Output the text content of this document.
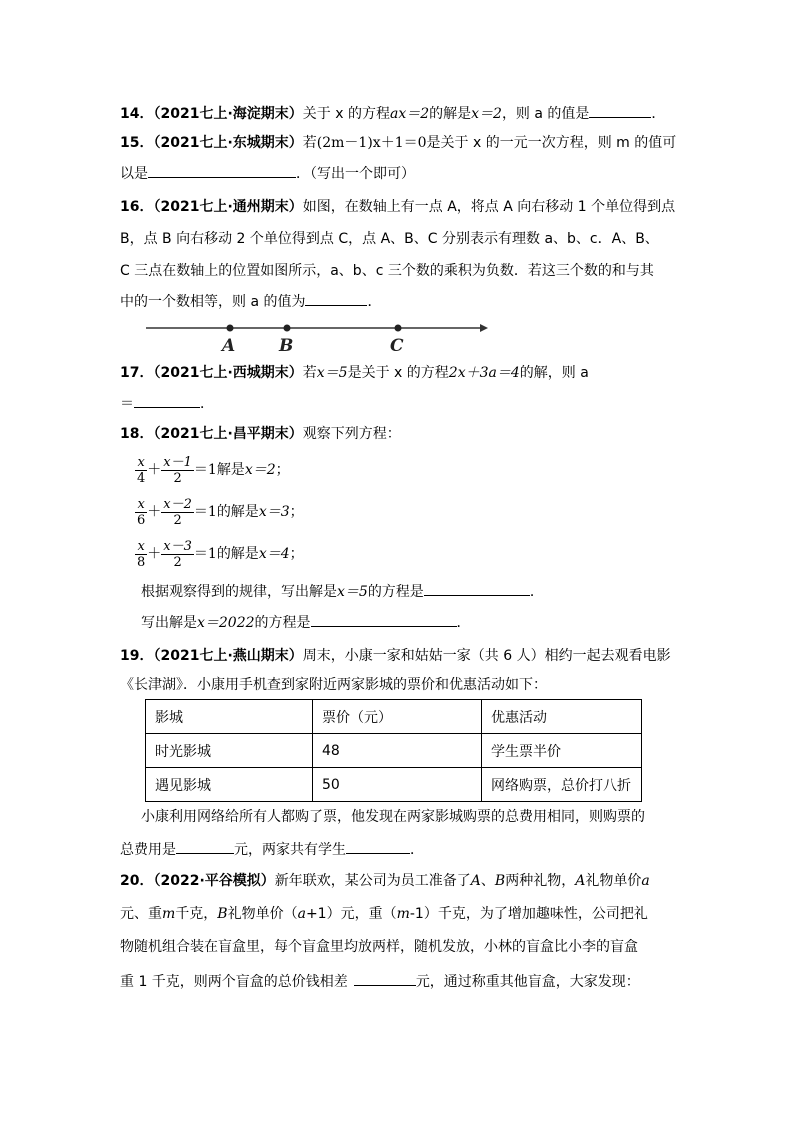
14．（2021七上·海淀期末）关于 x 的方程ax＝2的解是x＝2，则 a 的值是	．
15．（2021七上·东城期末）若(2m－1)x＋1＝0是关于 x 的一元一次方程，则 m 的值可
以是	．（写出一个即可）
16．（2021七上·通州期末）如图，在数轴上有一点 A，将点 A 向右移动 1 个单位得到点
B，点 B 向右移动 2 个单位得到点 C，点 A、B、C 分别表示有理数 a、b、c．A、B、
C 三点在数轴上的位置如图所示，a、b、c 三个数的乘积为负数．若这三个数的和与其
中的一个数相等，则 a 的值为	．
A	B	C
17．（2021七上·西城期末）若x＝5是关于 x 的方程2x＋3a＝4的解，则 a
＝	．
18．（2021七上·昌平期末）观察下列方程：
$\frac{x}{4} + \frac{x-1}{2} =1$解是x＝2；
$\frac{x}{6} + \frac{x-2}{2} =1$的解是x＝3；
$\frac{x}{8} + \frac{x-3}{2} =1$的解是x＝4；
根据观察得到的规律，写出解是x＝5的方程是	．
写出解是x＝2022的方程是	．
19．（2021七上·燕山期末）周末，小康一家和姑姑一家（共 6 人）相约一起去观看电影
《长津湖》．小康用手机查到家附近两家影城的票价和优惠活动如下：
影城	票价（元）	优惠活动
时光影城	48	学生票半价
遇见影城	50	网络购票，总价打八折
小康利用网络给所有人都购了票，他发现在两家影城购票的总费用相同，则购票的
总费用是	元，两家共有学生	．
20．（2022·平谷模拟）新年联欢，某公司为员工准备了A、B两种礼物，A礼物单价a
元、重m千克，B礼物单价（a+1）元，重（m-1）千克，为了增加趣味性，公司把礼
物随机组合装在盲盒里，每个盲盒里均放两样，随机发放，小林的盲盒比小李的盲盒
重 1 千克，则两个盲盒的总价钱相差	元，通过称重其他盲盒，大家发现：
